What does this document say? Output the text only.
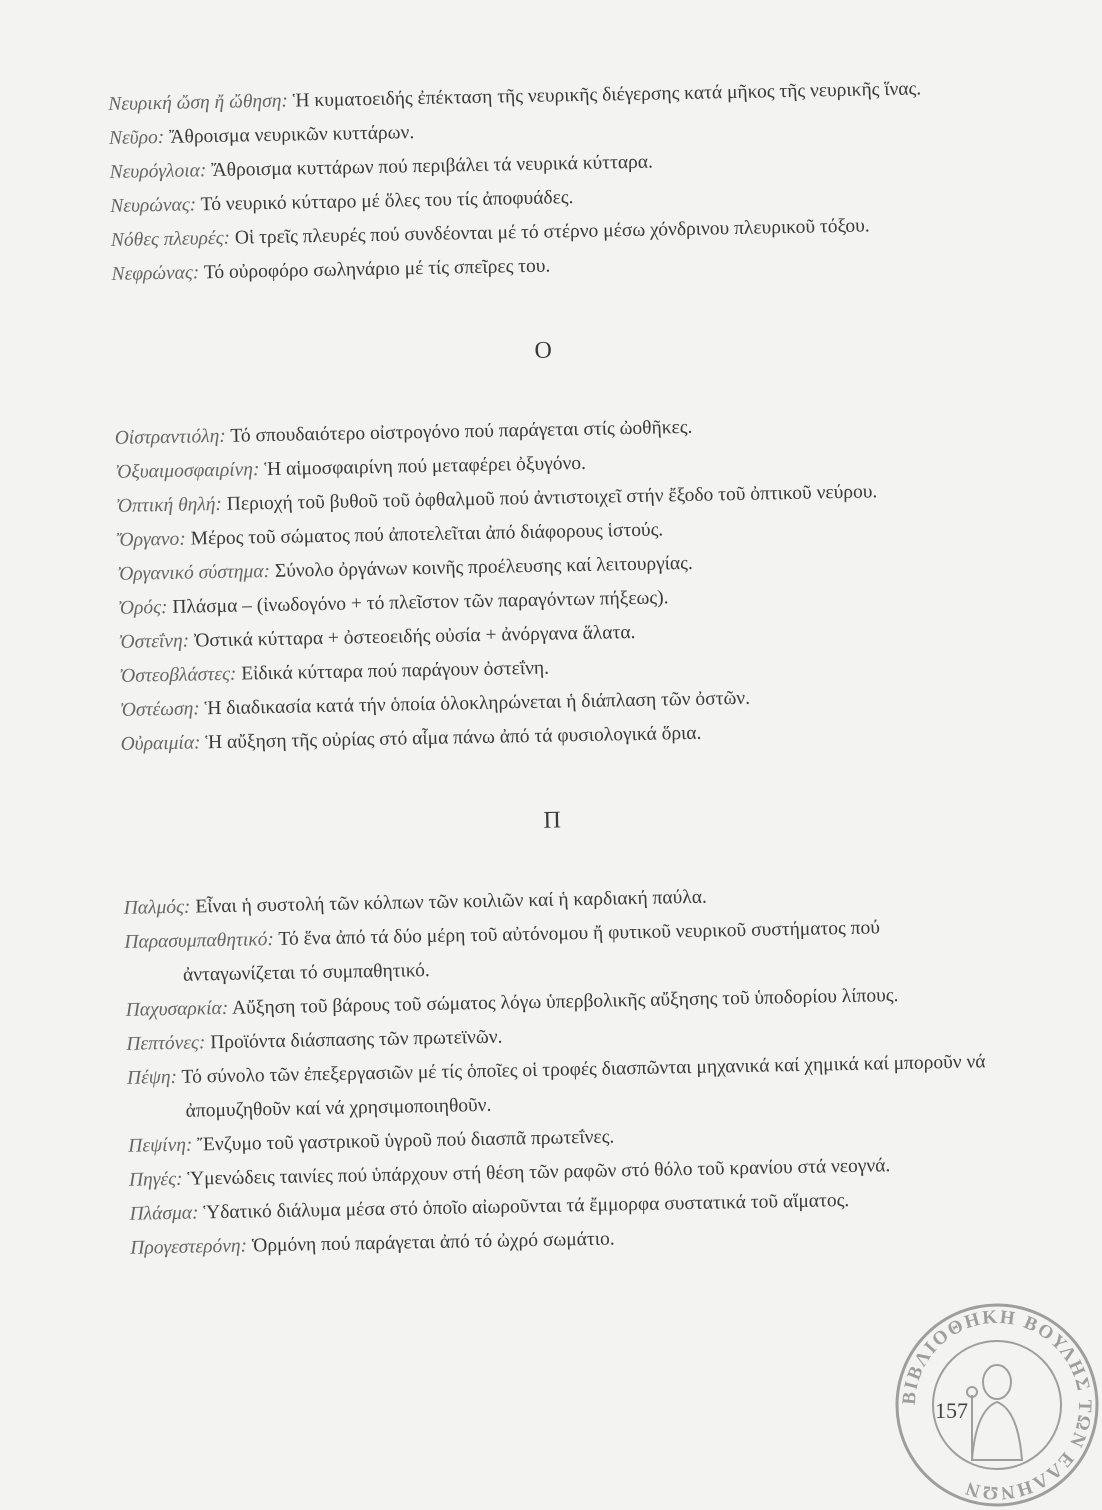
Νευρική ὤση ἤ ὤθηση: Ἡ κυματοειδής ἐπέκταση τῆς νευρικῆς διέγερσης κατά μῆκος τῆς νευρικῆς ἵνας.

Νεῦρο: Ἄθροισμα νευρικῶν κυττάρων.

Νευρόγλοια: Ἄθροισμα κυττάρων πού περιβάλει τά νευρικά κύτταρα.

Νευρώνας: Τό νευρικό κύτταρο μέ ὅλες του τίς ἀποφυάδες.

Νόθες πλευρές: Οἱ τρεῖς πλευρές πού συνδέονται μέ τό στέρνο μέσω χόνδρινου πλευρικοῦ τόξου.

Νεφρώνας: Τό οὐροφόρο σωληνάριο μέ τίς σπεῖρες του.

Ο

Οἰστραντιόλη: Τό σπουδαιότερο οἰστρογόνο πού παράγεται στίς ὠοθῆκες.

Ὀξυαιμοσφαιρίνη: Ἡ αἱμοσφαιρίνη πού μεταφέρει ὀξυγόνο.

Ὀπτική θηλή: Περιοχή τοῦ βυθοῦ τοῦ ὀφθαλμοῦ πού ἀντιστοιχεῖ στήν ἔξοδο τοῦ ὀπτικοῦ νεύρου.

Ὄργανο: Μέρος τοῦ σώματος πού ἀποτελεῖται ἀπό διάφορους ἱστούς.

Ὀργανικό σύστημα: Σύνολο ὀργάνων κοινῆς προέλευσης καί λειτουργίας.

Ὀρός: Πλάσμα – (ἰνωδογόνο + τό πλεῖστον τῶν παραγόντων πήξεως).

Ὀστεΐνη: Ὀστικά κύτταρα + ὀστεοειδής οὐσία + ἀνόργανα ἅλατα.

Ὀστεοβλάστες: Εἰδικά κύτταρα πού παράγουν ὀστεΐνη.

Ὀστέωση: Ἡ διαδικασία κατά τήν ὁποία ὁλοκληρώνεται ἡ διάπλαση τῶν ὀστῶν.

Οὐραιμία: Ἡ αὔξηση τῆς οὐρίας στό αἷμα πάνω ἀπό τά φυσιολογικά ὅρια.

Π

Παλμός: Εἶναι ἡ συστολή τῶν κόλπων τῶν κοιλιῶν καί ἡ καρδιακή παύλα.

Παρασυμπαθητικό: Τό ἕνα ἀπό τά δύο μέρη τοῦ αὐτόνομου ἤ φυτικοῦ νευρικοῦ συστήματος πού ἀνταγωνίζεται τό συμπαθητικό.

Παχυσαρκία: Αὔξηση τοῦ βάρους τοῦ σώματος λόγω ὑπερβολικῆς αὔξησης τοῦ ὑποδορίου λίπους.

Πεπτόνες: Προϊόντα διάσπασης τῶν πρωτεϊνῶν.

Πέψη: Τό σύνολο τῶν ἐπεξεργασιῶν μέ τίς ὁποῖες οἱ τροφές διασπῶνται μηχανικά καί χημικά καί μποροῦν νά ἀπομυζηθοῦν καί νά χρησιμοποιηθοῦν.

Πεψίνη: Ἔνζυμο τοῦ γαστρικοῦ ὑγροῦ πού διασπᾶ πρωτεΐνες.

Πηγές: Ὑμενώδεις ταινίες πού ὑπάρχουν στή θέση τῶν ραφῶν στό θόλο τοῦ κρανίου στά νεογνά.

Πλάσμα: Ὑδατικό διάλυμα μέσα στό ὁποῖο αἰωροῦνται τά ἔμμορφα συστατικά τοῦ αἵματος.

Προγεστερόνη: Ὁρμόνη πού παράγεται ἀπό τό ὠχρό σωμάτιο.

ΒΙΒΛΙΟΘΗΚΗ ΒΟΥΛΗΣ ΤΩΝ ΕΛΛΗΝΩΝ
157
